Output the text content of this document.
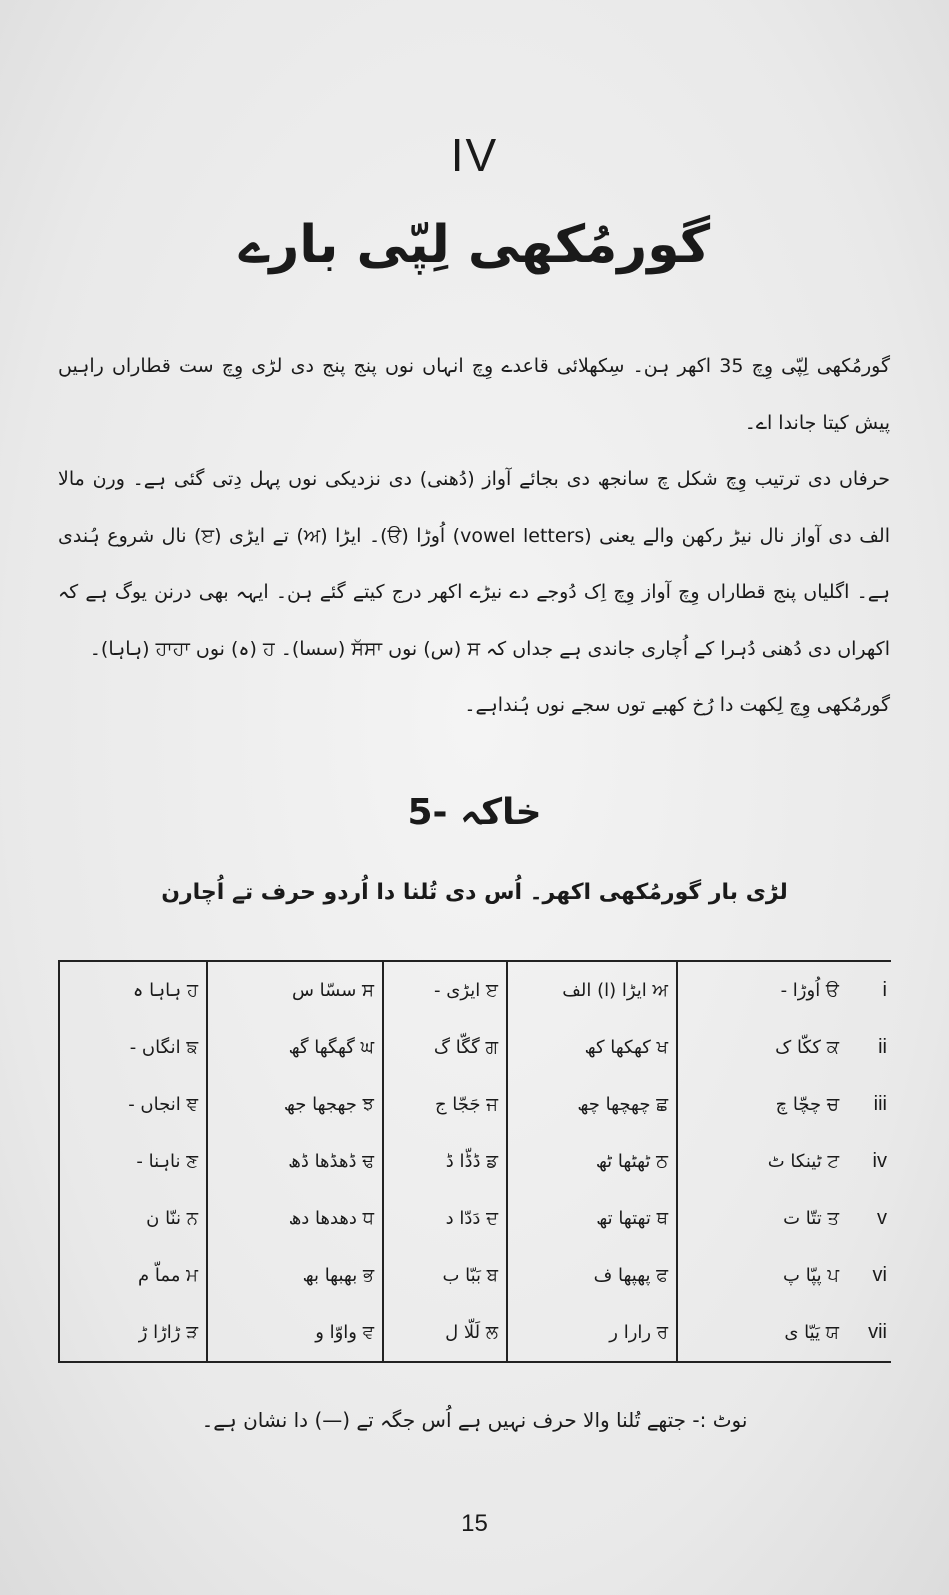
IV
گورمُکھی لِپّی بارے

گورمُکھی لِپّی وِچ 35 اکھر ہن۔ سِکھلائی قاعدے وِچ انہاں نوں پنج پنج دی لڑی وِچ ست قطاراں راہیں پیش کیتا جاندا اے۔

حرفاں دی ترتیب وِچ شکل چ سانجھ دی بجائے آواز (دُھنی) دی نزدیکی نوں پہل دِتی گئی ہے۔ ورن مالا الف دی آواز نال نیڑ رکھن والے یعنی (vowel letters) اُوڑا (ੳ)۔ ایڑا (ਅ) تے ایڑی (ੲ) نال شروع ہُندی ہے۔ اگلیاں پنج قطاراں وِچ آواز وِچ اِک دُوجے دے نیڑے اکھر درج کیتے گئے ہن۔ ایہہ بھی درنن یوگ ہے کہ اکھراں دی دُھنی دُہرا کے اُچاری جاندی ہے جداں کہ ਸ (س) نوں ਸੱਸਾ (سسا)۔ ਹ (ہ) نوں ਹਾਹਾ (ہاہا)۔

گورمُکھی وِچ لِکھت دا رُخ کھبے توں سجے نوں ہُنداہے۔

خاکہ -5
لڑی بار گورمُکھی اکھر۔ اُس دی تُلنا دا اُردو حرف تے اُچارن
ਹ ہاہا ہ	ਸ سسّا س	ੲ ایڑی -	ਅ ایڑا (ا) الف	ੳ اُوڑا -	i
ਙ انگاں -	ਘ گھگھا گھ	ਗ گگّا گ	ਖ کھکھا کھ	ਕ ککّا ک	ii
ਞ انجاں -	ਝ جھجھا جھ	ਜ جَجّا ج	ਛ چھچھا چھ	ਚ چچّا چ	iii
ਣ ناہنا -	ਢ ڈھڈھا ڈھ	ਡ ڈڈّا ڈ	ਠ ٹھٹھا ٹھ	ਟ ٹینکا ٹ	iv
ਨ ننّا ن	ਧ دھدھا دھ	ਦ دَدّا د	ਥ تھتھا تھ	ਤ تتّا ت	v
ਮ مماّ م	ਭ بھبھا بھ	ਬ بَبّا ب	ਫ پھپھا ف	ਪ پپّا پ	vi
ੜ ڑاڑا ڑ	ਵ واوّا و	ਲ لَلّا ل	ਰ رارا ر	ਯ یَیّا ی	vii
نوٹ :- جتھے تُلنا والا حرف نہیں ہے اُس جگہ تے (—) دا نشان ہے۔
15
